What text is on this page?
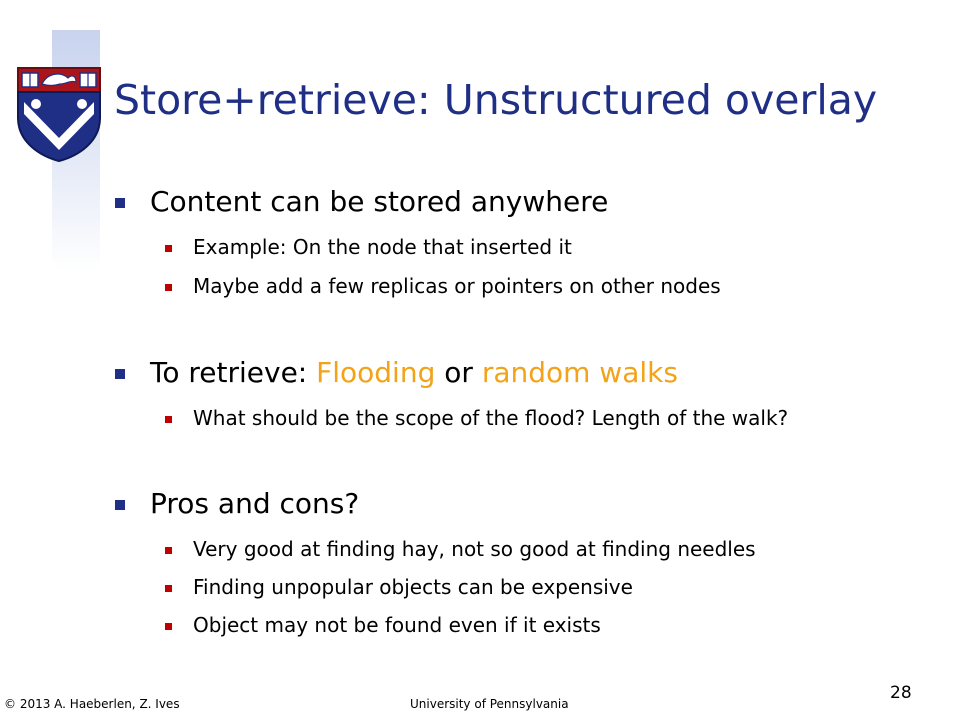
Store+retrieve: Unstructured overlay
Content can be stored anywhere
Example: On the node that inserted it
Maybe add a few replicas or pointers on other nodes
To retrieve: Flooding or random walks
What should be the scope of the flood? Length of the walk?
Pros and cons?
Very good at finding hay, not so good at finding needles
Finding unpopular objects can be expensive
Object may not be found even if it exists
© 2013 A. Haeberlen, Z. Ives	University of Pennsylvania
28
